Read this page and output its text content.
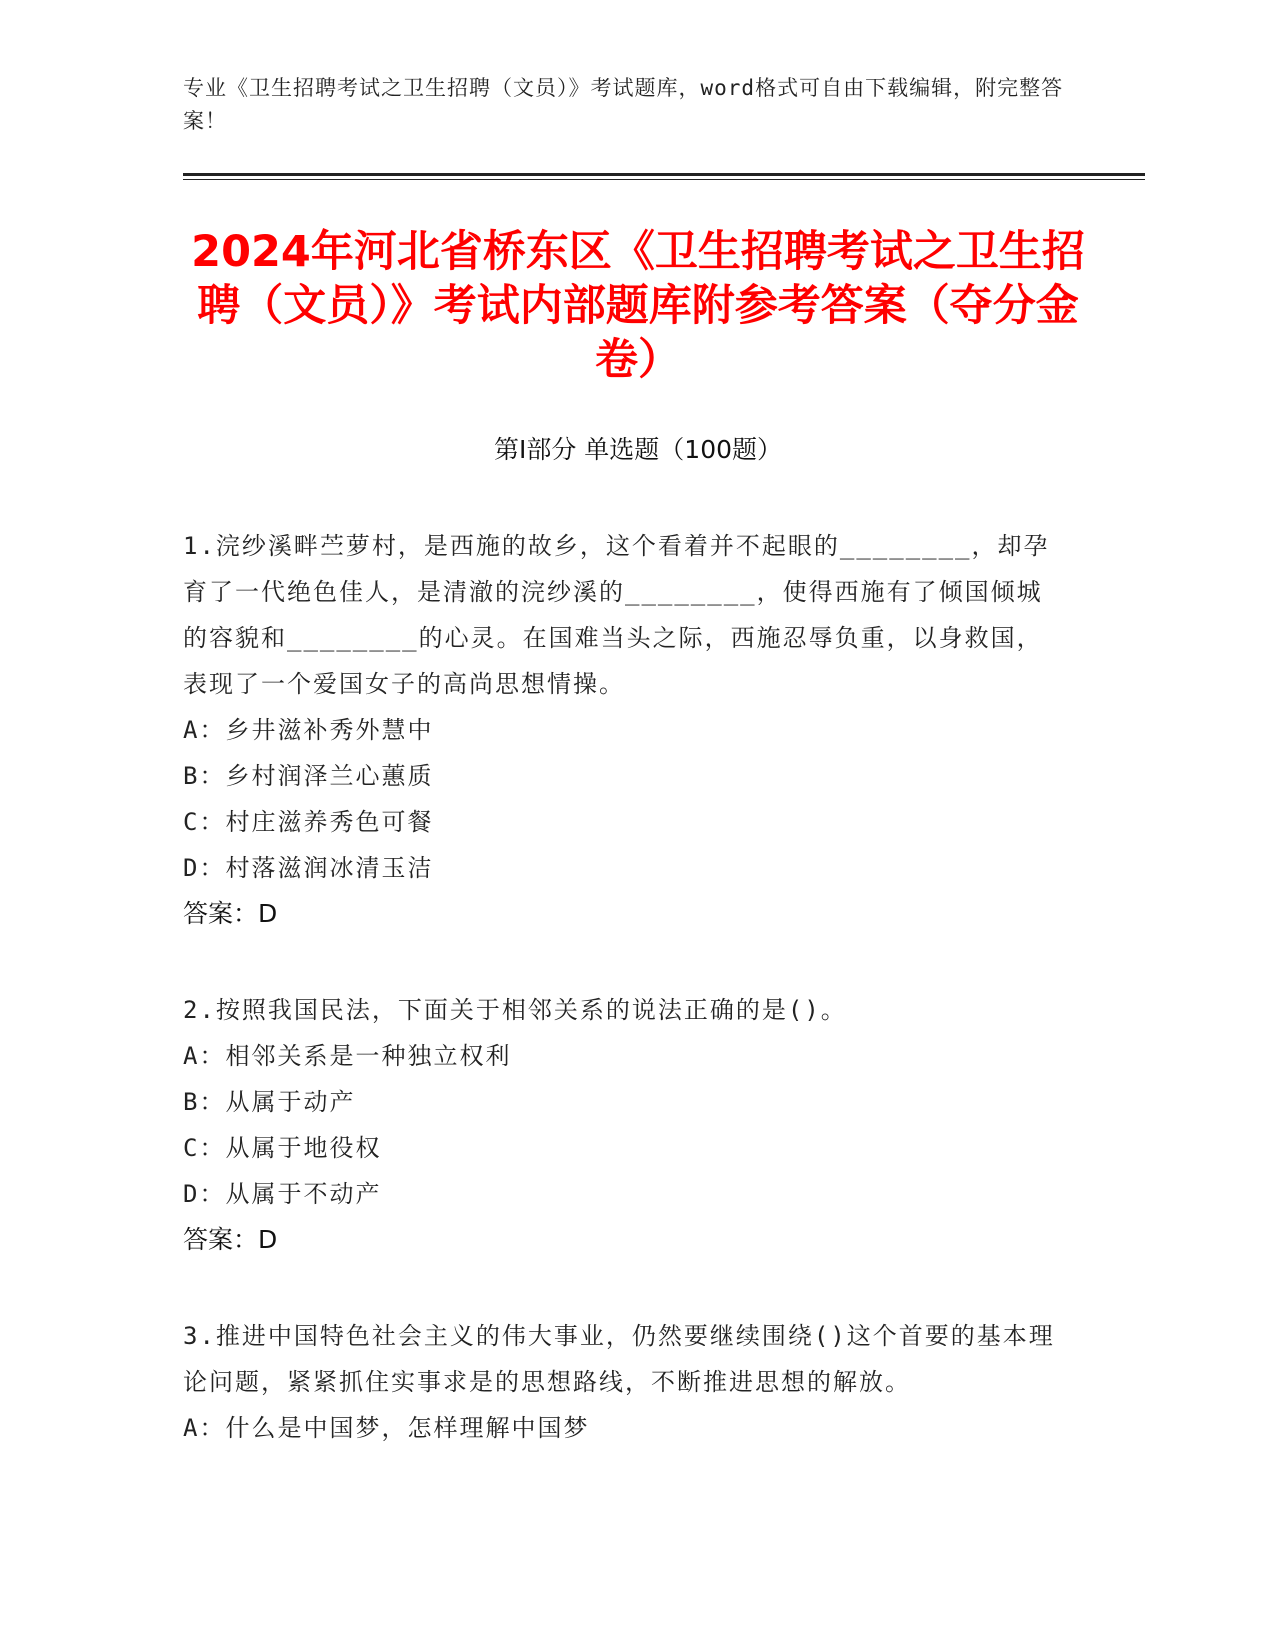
专业《卫生招聘考试之卫生招聘（文员）》考试题库，word格式可自由下载编辑，附完整答案！
2024年河北省桥东区《卫生招聘考试之卫生招聘（文员）》考试内部题库附参考答案（夺分金卷）
第Ⅰ部分 单选题（100题）
1.浣纱溪畔苎萝村，是西施的故乡，这个看着并不起眼的________，却孕育了一代绝色佳人，是清澈的浣纱溪的________，使得西施有了倾国倾城的容貌和________的心灵。在国难当头之际，西施忍辱负重，以身救国，表现了一个爱国女子的高尚思想情操。
A：乡井滋补秀外慧中
B：乡村润泽兰心蕙质
C：村庄滋养秀色可餐
D：村落滋润冰清玉洁
答案：D
2.按照我国民法，下面关于相邻关系的说法正确的是()。
A：相邻关系是一种独立权利
B：从属于动产
C：从属于地役权
D：从属于不动产
答案：D
3.推进中国特色社会主义的伟大事业，仍然要继续围绕()这个首要的基本理论问题，紧紧抓住实事求是的思想路线，不断推进思想的解放。
A：什么是中国梦，怎样理解中国梦
